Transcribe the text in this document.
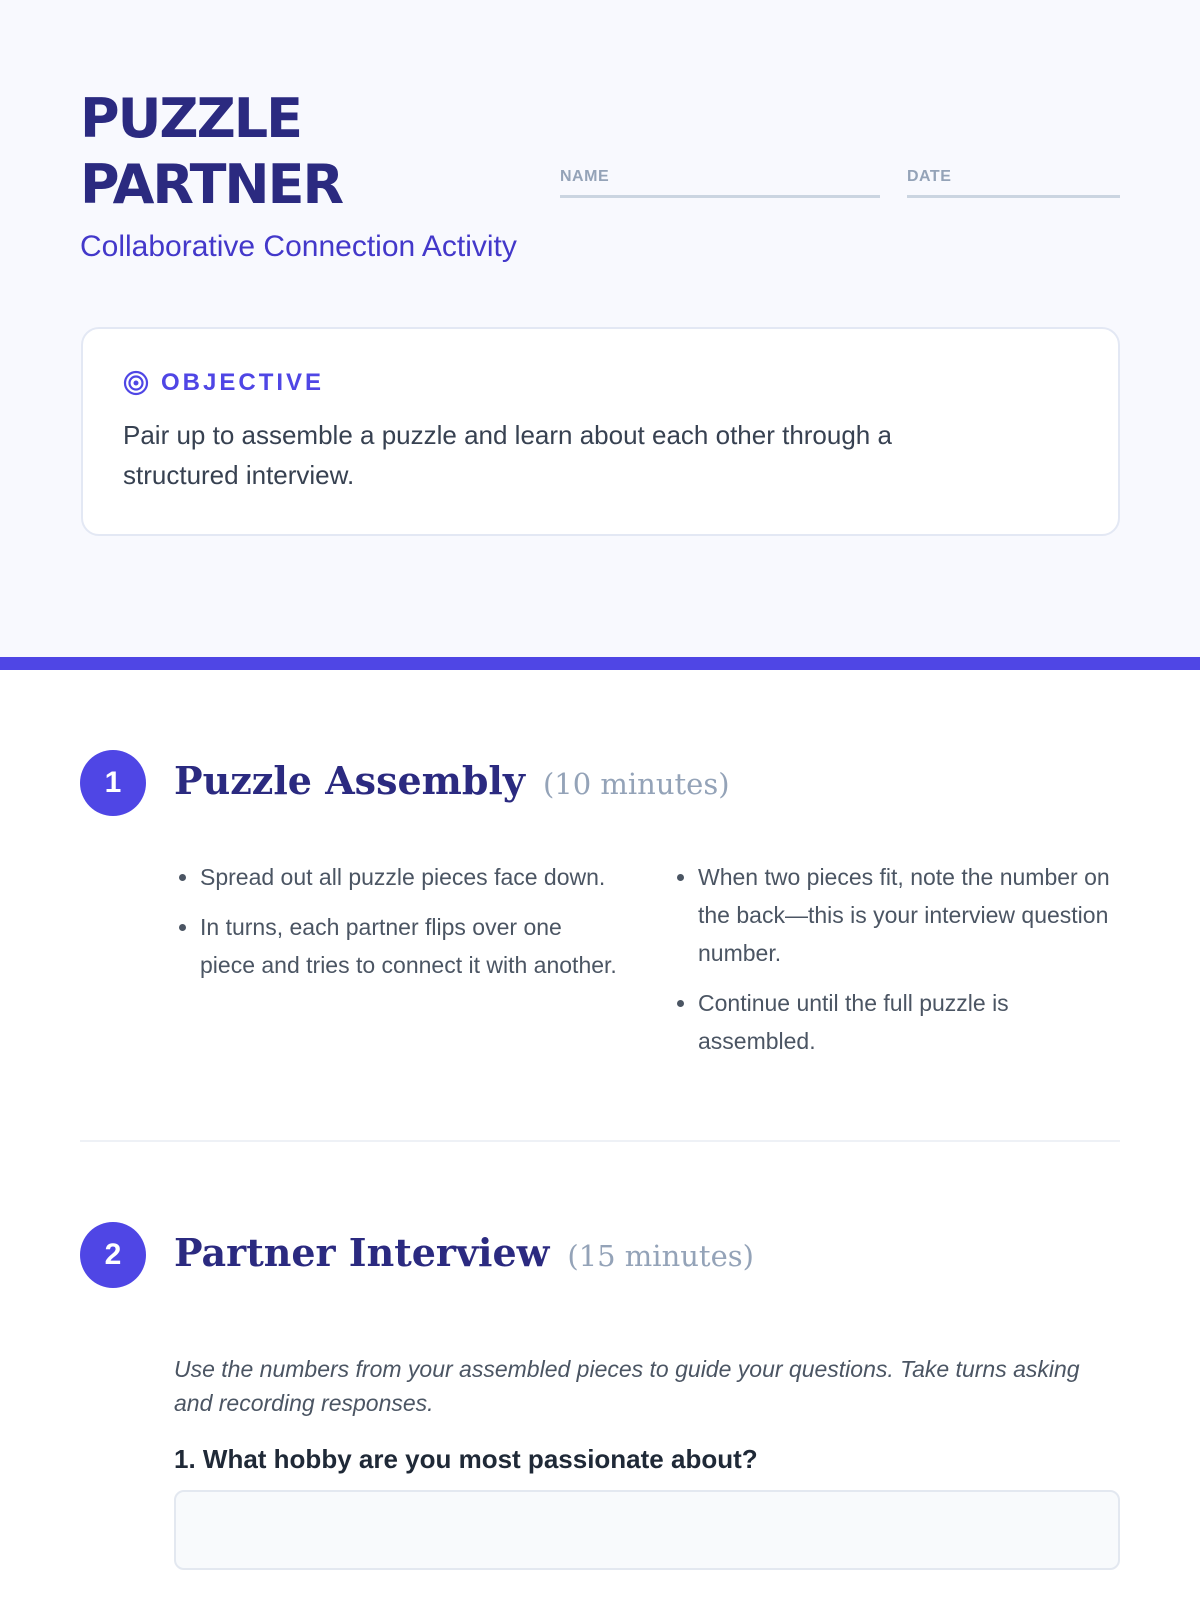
PUZZLE
PARTNER	NAME	DATE
Collaborative Connection Activity
OBJECTIVE

Pair up to assemble a puzzle and learn about each other through a structured interview.

1	Puzzle Assembly (10 minutes)
• Spread out all puzzle pieces face down.
• In turns, each partner flips over one piece and tries to connect it with another.
• When two pieces fit, note the number on the back—this is your interview question number.
• Continue until the full puzzle is assembled.
2	Partner Interview (15 minutes)

Use the numbers from your assembled pieces to guide your questions. Take turns asking and recording responses.

1. What hobby are you most passionate about?
